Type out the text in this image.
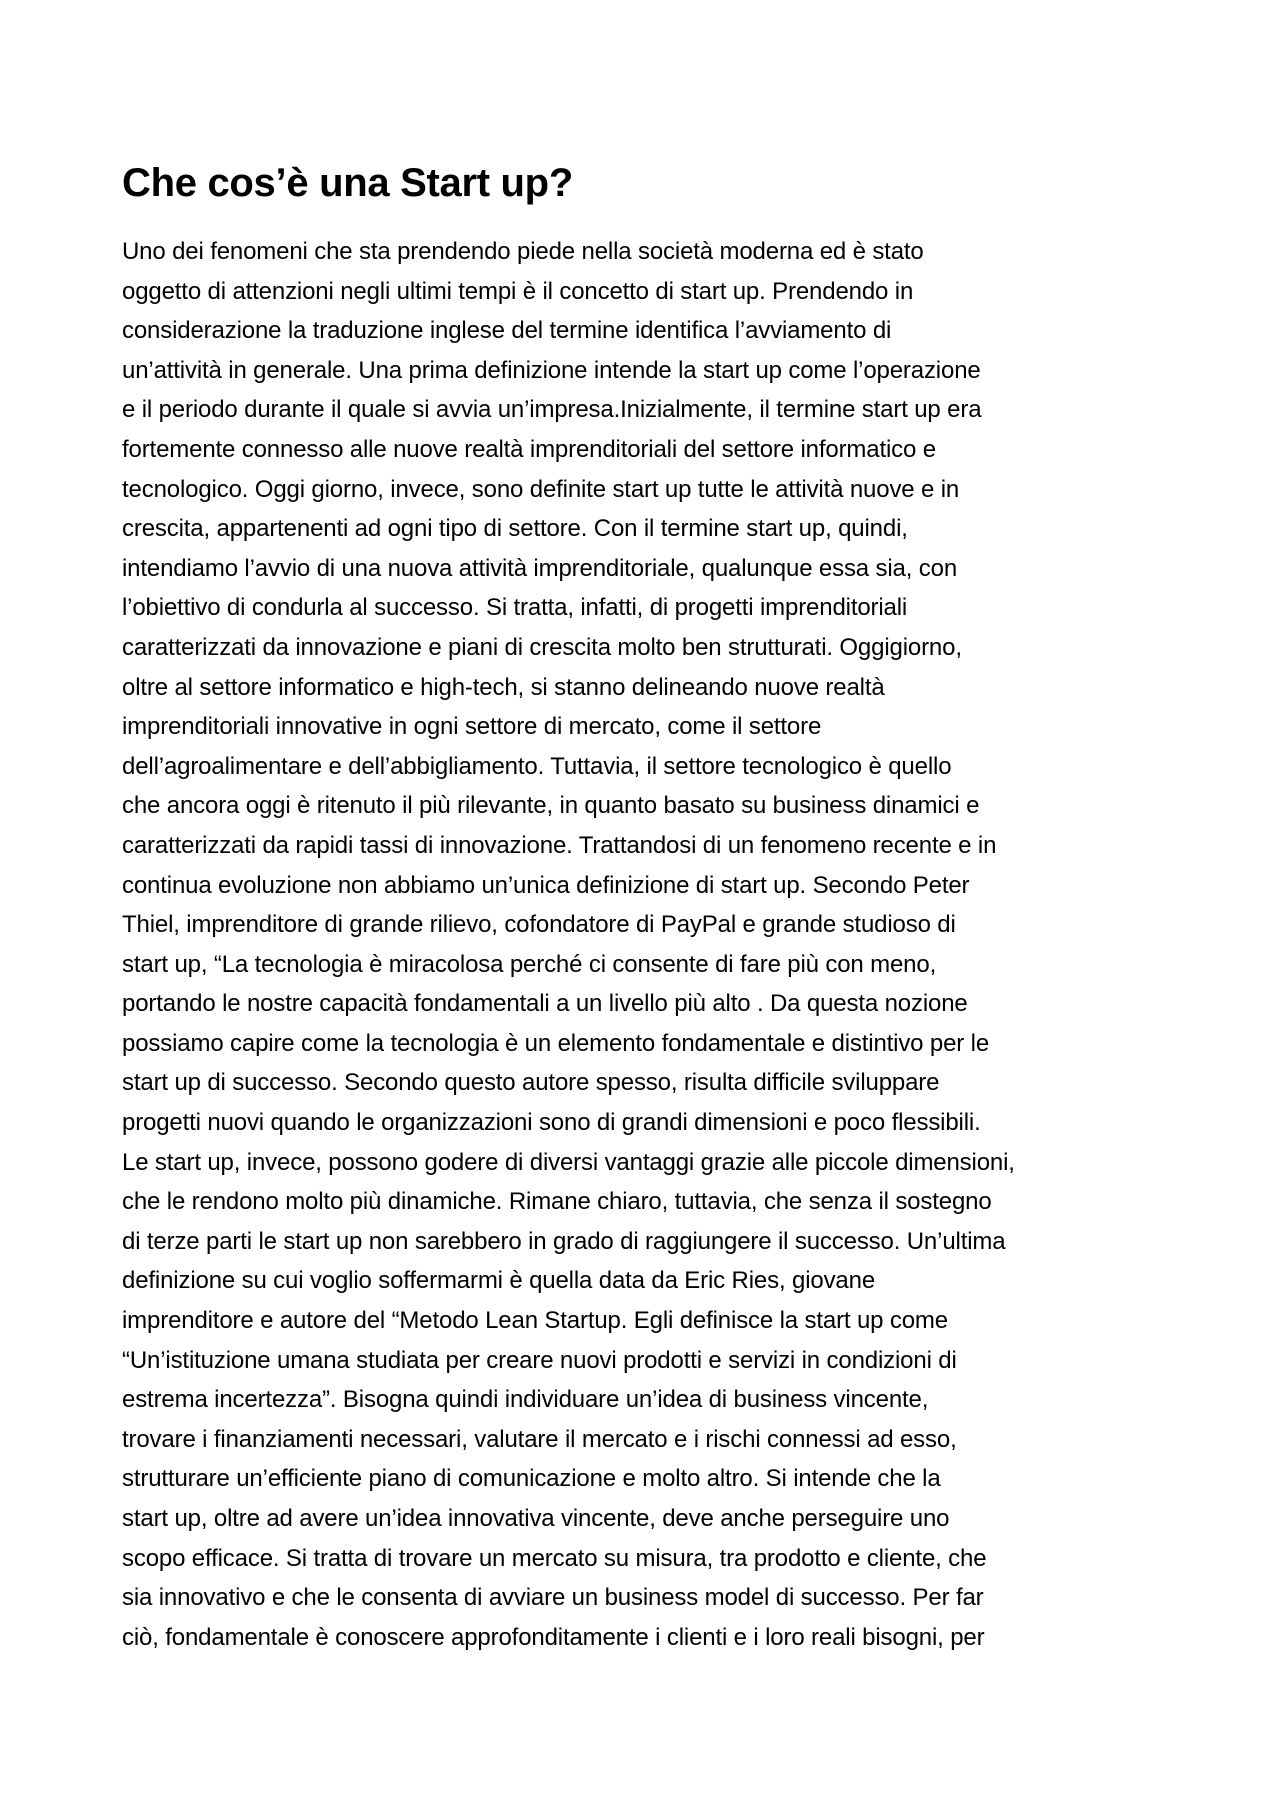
Che cos’è una Start up?
Uno dei fenomeni che sta prendendo piede nella società moderna ed è stato
oggetto di attenzioni negli ultimi tempi è il concetto di start up. Prendendo in
considerazione la traduzione inglese del termine identifica l’avviamento di
un’attività in generale. Una prima definizione intende la start up come l’operazione
e il periodo durante il quale si avvia un’impresa.Inizialmente, il termine start up era
fortemente connesso alle nuove realtà imprenditoriali del settore informatico e
tecnologico. Oggi giorno, invece, sono definite start up tutte le attività nuove e in
crescita, appartenenti ad ogni tipo di settore. Con il termine start up, quindi,
intendiamo l’avvio di una nuova attività imprenditoriale, qualunque essa sia, con
l’obiettivo di condurla al successo. Si tratta, infatti, di progetti imprenditoriali
caratterizzati da innovazione e piani di crescita molto ben strutturati. Oggigiorno,
oltre al settore informatico e high-tech, si stanno delineando nuove realtà
imprenditoriali innovative in ogni settore di mercato, come il settore
dell’agroalimentare e dell’abbigliamento. Tuttavia, il settore tecnologico è quello
che ancora oggi è ritenuto il più rilevante, in quanto basato su business dinamici e
caratterizzati da rapidi tassi di innovazione. Trattandosi di un fenomeno recente e in
continua evoluzione non abbiamo un’unica definizione di start up. Secondo Peter
Thiel, imprenditore di grande rilievo, cofondatore di PayPal e grande studioso di
start up, “La tecnologia è miracolosa perché ci consente di fare più con meno,
portando le nostre capacità fondamentali a un livello più alto . Da questa nozione
possiamo capire come la tecnologia è un elemento fondamentale e distintivo per le
start up di successo. Secondo questo autore spesso, risulta difficile sviluppare
progetti nuovi quando le organizzazioni sono di grandi dimensioni e poco flessibili.
Le start up, invece, possono godere di diversi vantaggi grazie alle piccole dimensioni,
che le rendono molto più dinamiche. Rimane chiaro, tuttavia, che senza il sostegno
di terze parti le start up non sarebbero in grado di raggiungere il successo. Un’ultima
definizione su cui voglio soffermarmi è quella data da Eric Ries, giovane
imprenditore e autore del “Metodo Lean Startup. Egli definisce la start up come
“Un’istituzione umana studiata per creare nuovi prodotti e servizi in condizioni di
estrema incertezza”. Bisogna quindi individuare un’idea di business vincente,
trovare i finanziamenti necessari, valutare il mercato e i rischi connessi ad esso,
strutturare un’efficiente piano di comunicazione e molto altro. Si intende che la
start up, oltre ad avere un’idea innovativa vincente, deve anche perseguire uno
scopo efficace. Si tratta di trovare un mercato su misura, tra prodotto e cliente, che
sia innovativo e che le consenta di avviare un business model di successo. Per far
ciò, fondamentale è conoscere approfonditamente i clienti e i loro reali bisogni, per
